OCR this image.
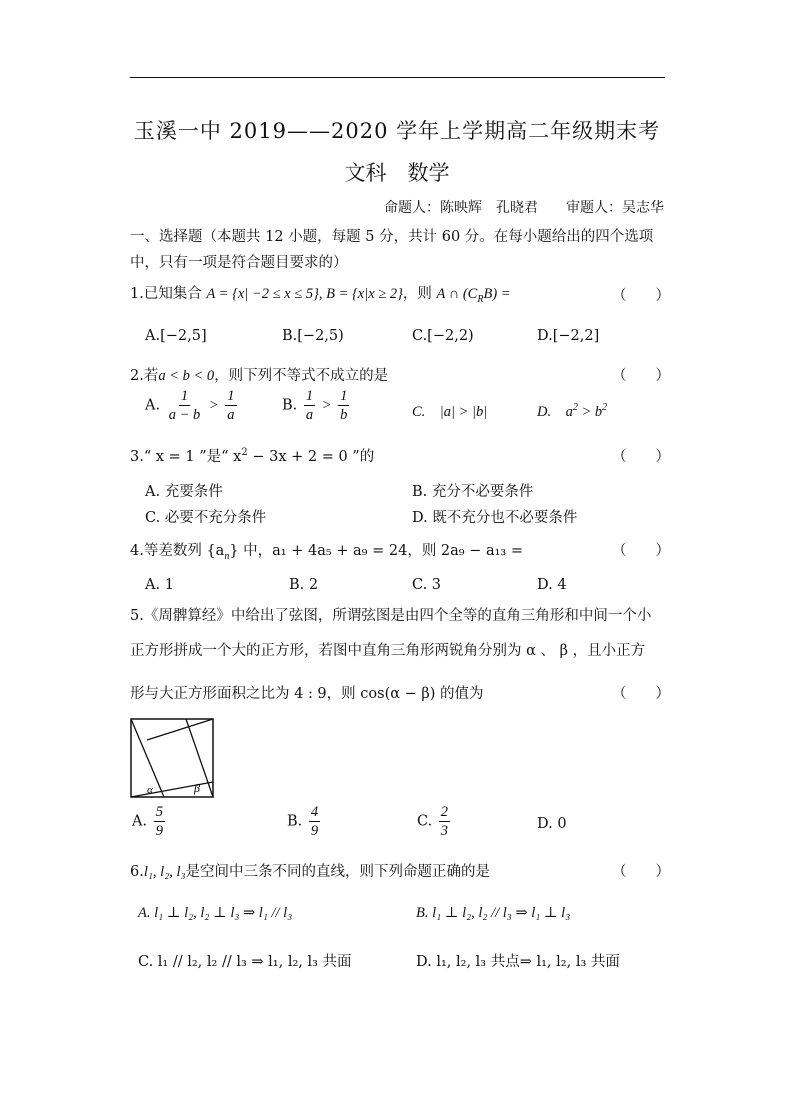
玉溪一中 2019——2020 学年上学期高二年级期末考
文科　数学
命题人：陈映辉　孔晓君　　审题人：吴志华
一、选择题（本题共 12 小题，每题 5 分，共计 60 分。在每小题给出的四个选项中，只有一项是符合题目要求的）
1.已知集合 A = {x| −2 ≤ x ≤ 5}, B = {x|x ≥ 2}，则 A ∩ $(C_RB)$ =	（　　）
A.[−2,5]	B.[−2,5)	C.[−2,2)	D.[−2,2]
2.若a < b < 0，则下列不等式不成立的是	（　　）
A. $\frac{1}{a - b} > \frac{1}{a}$	B. $\frac{1}{a} > \frac{1}{b}$	C.　|a| > |b|	D.　$a^2 > b^2$
3.“ x = 1 ”是“ $x^2 - 3x + 2 = 0$ ”的	（　　）
A. 充要条件	B. 充分不必要条件
C. 必要不充分条件	D. 既不充分也不必要条件
4.等差数列 $\{a_n\}$ 中，a₁ + 4a₅ + a₉ = 24，则 2a₉ − a₁₃ =	（　　）
A. 1	B. 2	C. 3	D. 4
5.《周髀算经》中给出了弦图，所谓弦图是由四个全等的直角三角形和中间一个小
正方形拼成一个大的正方形，若图中直角三角形两锐角分别为 α 、 β ，且小正方
形与大正方形面积之比为 4 : 9，则 cos(α − β) 的值为	（　　）
α	β
A. $\frac{5}{9}$	B. $\frac{4}{9}$	C. $\frac{2}{3}$	D. 0
6.l₁, l₂, l₃是空间中三条不同的直线，则下列命题正确的是	（　　）
A. l₁ ⊥ l₂, l₂ ⊥ l₃ ⇒ l₁ // l₃	B. l₁ ⊥ l₂, l₂ // l₃ ⇒ l₁ ⊥ l₃
C. l₁ // l₂, l₂ // l₃ ⇒ l₁, l₂, l₃ 共面	D. l₁, l₂, l₃ 共点⇒ l₁, l₂, l₃ 共面
